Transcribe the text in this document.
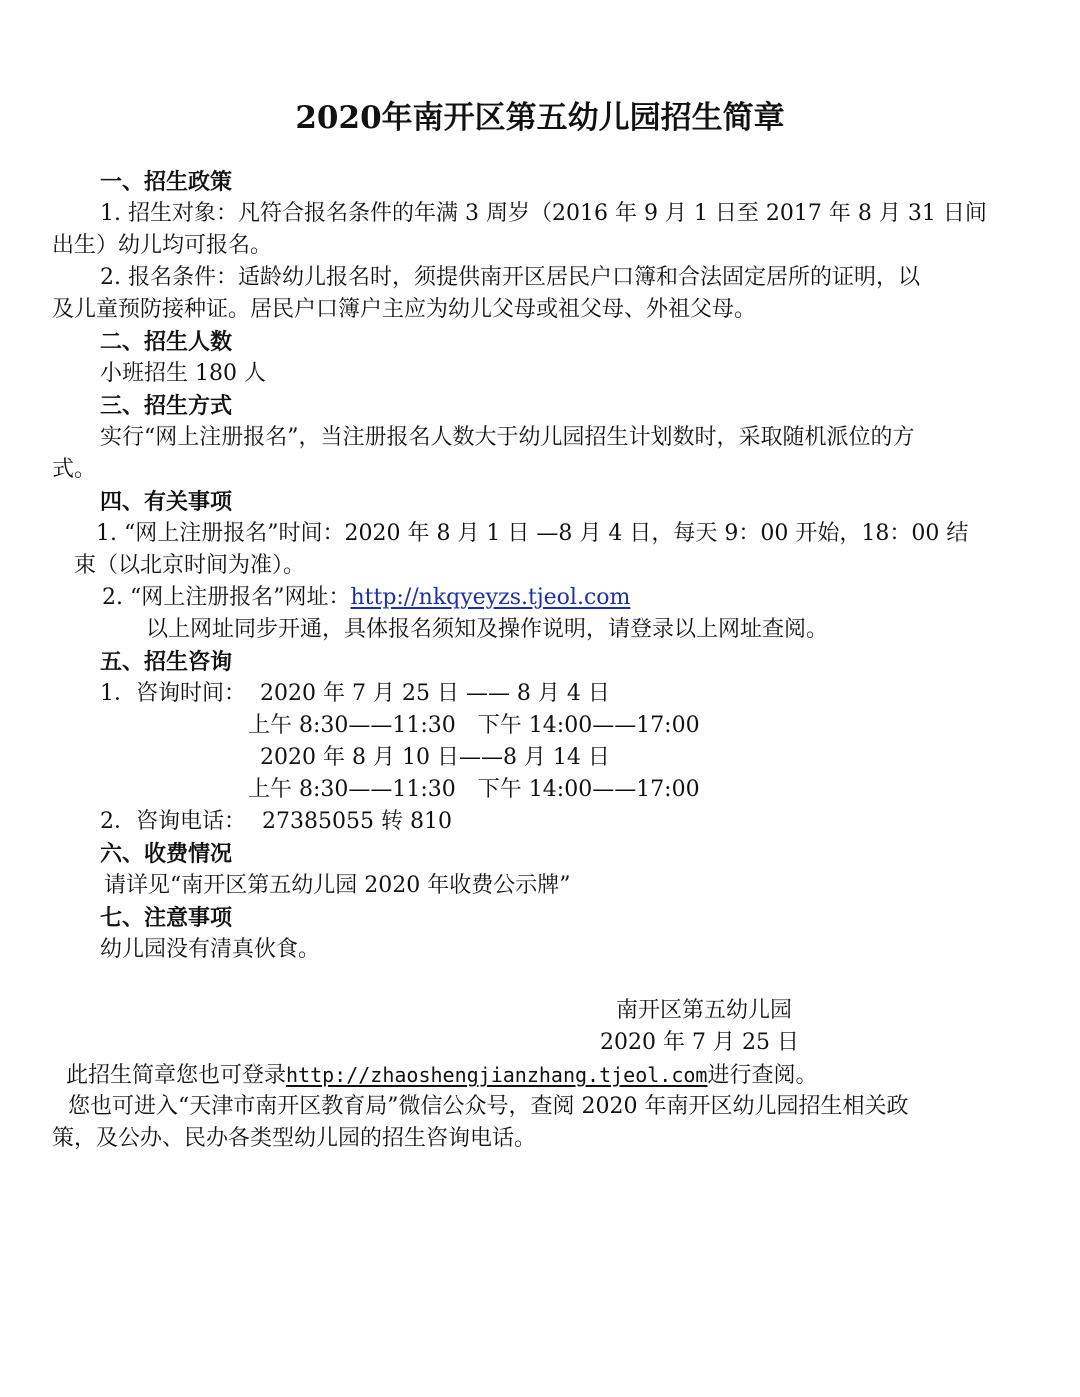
2020年南开区第五幼儿园招生简章
一、招生政策
1. 招生对象：凡符合报名条件的年满 3 周岁（2016 年 9 月 1 日至 2017 年 8 月 31 日间
出生）幼儿均可报名。
2. 报名条件：适龄幼儿报名时，须提供南开区居民户口簿和合法固定居所的证明，以
及儿童预防接种证。居民户口簿户主应为幼儿父母或祖父母、外祖父母。
二、招生人数
小班招生 180 人
三、招生方式
实行“网上注册报名”，当注册报名人数大于幼儿园招生计划数时，采取随机派位的方
式。
四、有关事项
1. “网上注册报名”时间：2020 年 8 月 1 日 —8 月 4 日，每天 9：00 开始，18：00 结
束（以北京时间为准）。
2. “网上注册报名”网址：http://nkqyeyzs.tjeol.com
以上网址同步开通，具体报名须知及操作说明，请登录以上网址查阅。
五、招生咨询
1．咨询时间： 2020 年 7 月 25 日 —— 8 月 4 日
上午 8:30——11:30　下午 14:00——17:00
2020 年 8 月 10 日——8 月 14 日
上午 8:30——11:30　下午 14:00——17:00
2．咨询电话： 27385055 转 810
六、收费情况
请详见“南开区第五幼儿园 2020 年收费公示牌”
七、注意事项
幼儿园没有清真伙食。
南开区第五幼儿园
2020 年 7 月 25 日
此招生简章您也可登录http://zhaoshengjianzhang.tjeol.com进行查阅。
您也可进入“天津市南开区教育局”微信公众号，查阅 2020 年南开区幼儿园招生相关政
策，及公办、民办各类型幼儿园的招生咨询电话。
